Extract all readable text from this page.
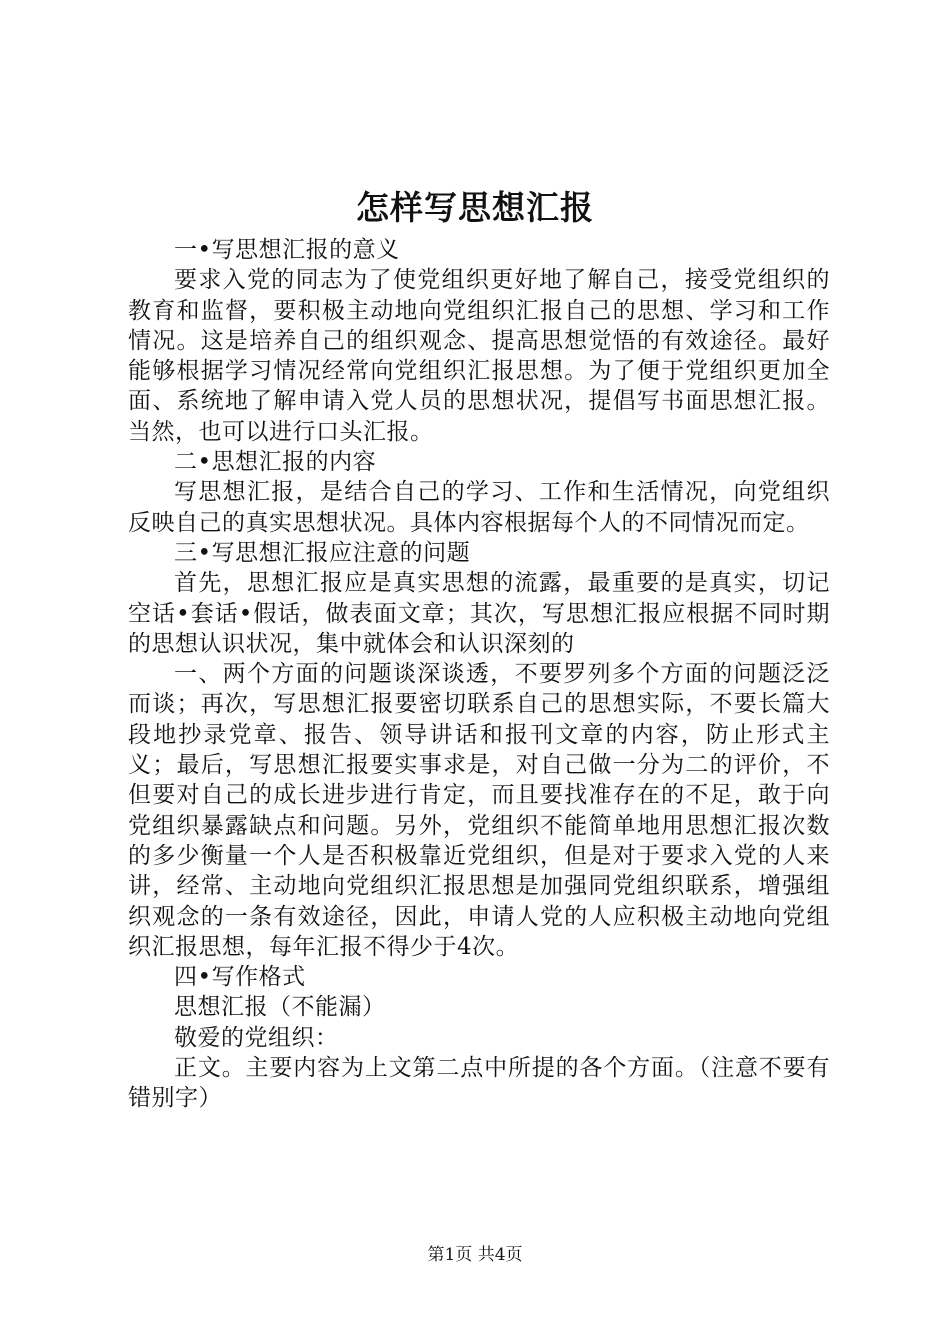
怎样写思想汇报

一•写思想汇报的意义

要求入党的同志为了使党组织更好地了解自己，接受党组织的教育和监督，要积极主动地向党组织汇报自己的思想、学习和工作情况。这是培养自己的组织观念、提高思想觉悟的有效途径。最好能够根据学习情况经常向党组织汇报思想。为了便于党组织更加全面、系统地了解申请入党人员的思想状况，提倡写书面思想汇报。当然，也可以进行口头汇报。

二•思想汇报的内容

写思想汇报，是结合自己的学习、工作和生活情况，向党组织反映自己的真实思想状况。具体内容根据每个人的不同情况而定。

三•写思想汇报应注意的问题

首先，思想汇报应是真实思想的流露，最重要的是真实，切记空话•套话•假话，做表面文章；其次，写思想汇报应根据不同时期的思想认识状况，集中就体会和认识深刻的

一、两个方面的问题谈深谈透，不要罗列多个方面的问题泛泛而谈；再次，写思想汇报要密切联系自己的思想实际，不要长篇大段地抄录党章、报告、领导讲话和报刊文章的内容，防止形式主义；最后，写思想汇报要实事求是，对自己做一分为二的评价，不但要对自己的成长进步进行肯定，而且要找准存在的不足，敢于向党组织暴露缺点和问题。另外，党组织不能简单地用思想汇报次数的多少衡量一个人是否积极靠近党组织，但是对于要求入党的人来讲，经常、主动地向党组织汇报思想是加强同党组织联系，增强组织观念的一条有效途径，因此，申请人党的人应积极主动地向党组织汇报思想，每年汇报不得少于4次。

四•写作格式

思想汇报（不能漏）

敬爱的党组织：

正文。主要内容为上文第二点中所提的各个方面。（注意不要有错别字）

第1页 共4页
